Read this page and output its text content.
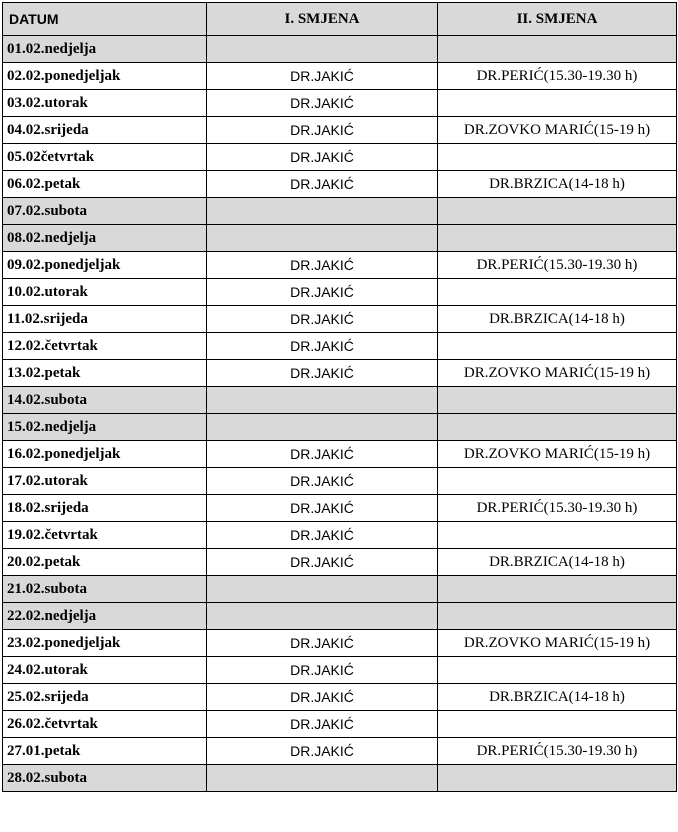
DATUM	I. SMJENA	II. SMJENA
01.02.nedjelja		
02.02.ponedjeljak	DR.JAKIĆ	DR.PERIĆ(15.30-19.30 h)
03.02.utorak	DR.JAKIĆ	
04.02.srijeda	DR.JAKIĆ	DR.ZOVKO MARIĆ(15-19 h)
05.02četvrtak	DR.JAKIĆ	
06.02.petak	DR.JAKIĆ	DR.BRZICA(14-18 h)
07.02.subota		
08.02.nedjelja		
09.02.ponedjeljak	DR.JAKIĆ	DR.PERIĆ(15.30-19.30 h)
10.02.utorak	DR.JAKIĆ	
11.02.srijeda	DR.JAKIĆ	DR.BRZICA(14-18 h)
12.02.četvrtak	DR.JAKIĆ	
13.02.petak	DR.JAKIĆ	DR.ZOVKO MARIĆ(15-19 h)
14.02.subota		
15.02.nedjelja		
16.02.ponedjeljak	DR.JAKIĆ	DR.ZOVKO MARIĆ(15-19 h)
17.02.utorak	DR.JAKIĆ	
18.02.srijeda	DR.JAKIĆ	DR.PERIĆ(15.30-19.30 h)
19.02.četvrtak	DR.JAKIĆ	
20.02.petak	DR.JAKIĆ	DR.BRZICA(14-18 h)
21.02.subota		
22.02.nedjelja		
23.02.ponedjeljak	DR.JAKIĆ	DR.ZOVKO MARIĆ(15-19 h)
24.02.utorak	DR.JAKIĆ	
25.02.srijeda	DR.JAKIĆ	DR.BRZICA(14-18 h)
26.02.četvrtak	DR.JAKIĆ	
27.01.petak	DR.JAKIĆ	DR.PERIĆ(15.30-19.30 h)
28.02.subota		
